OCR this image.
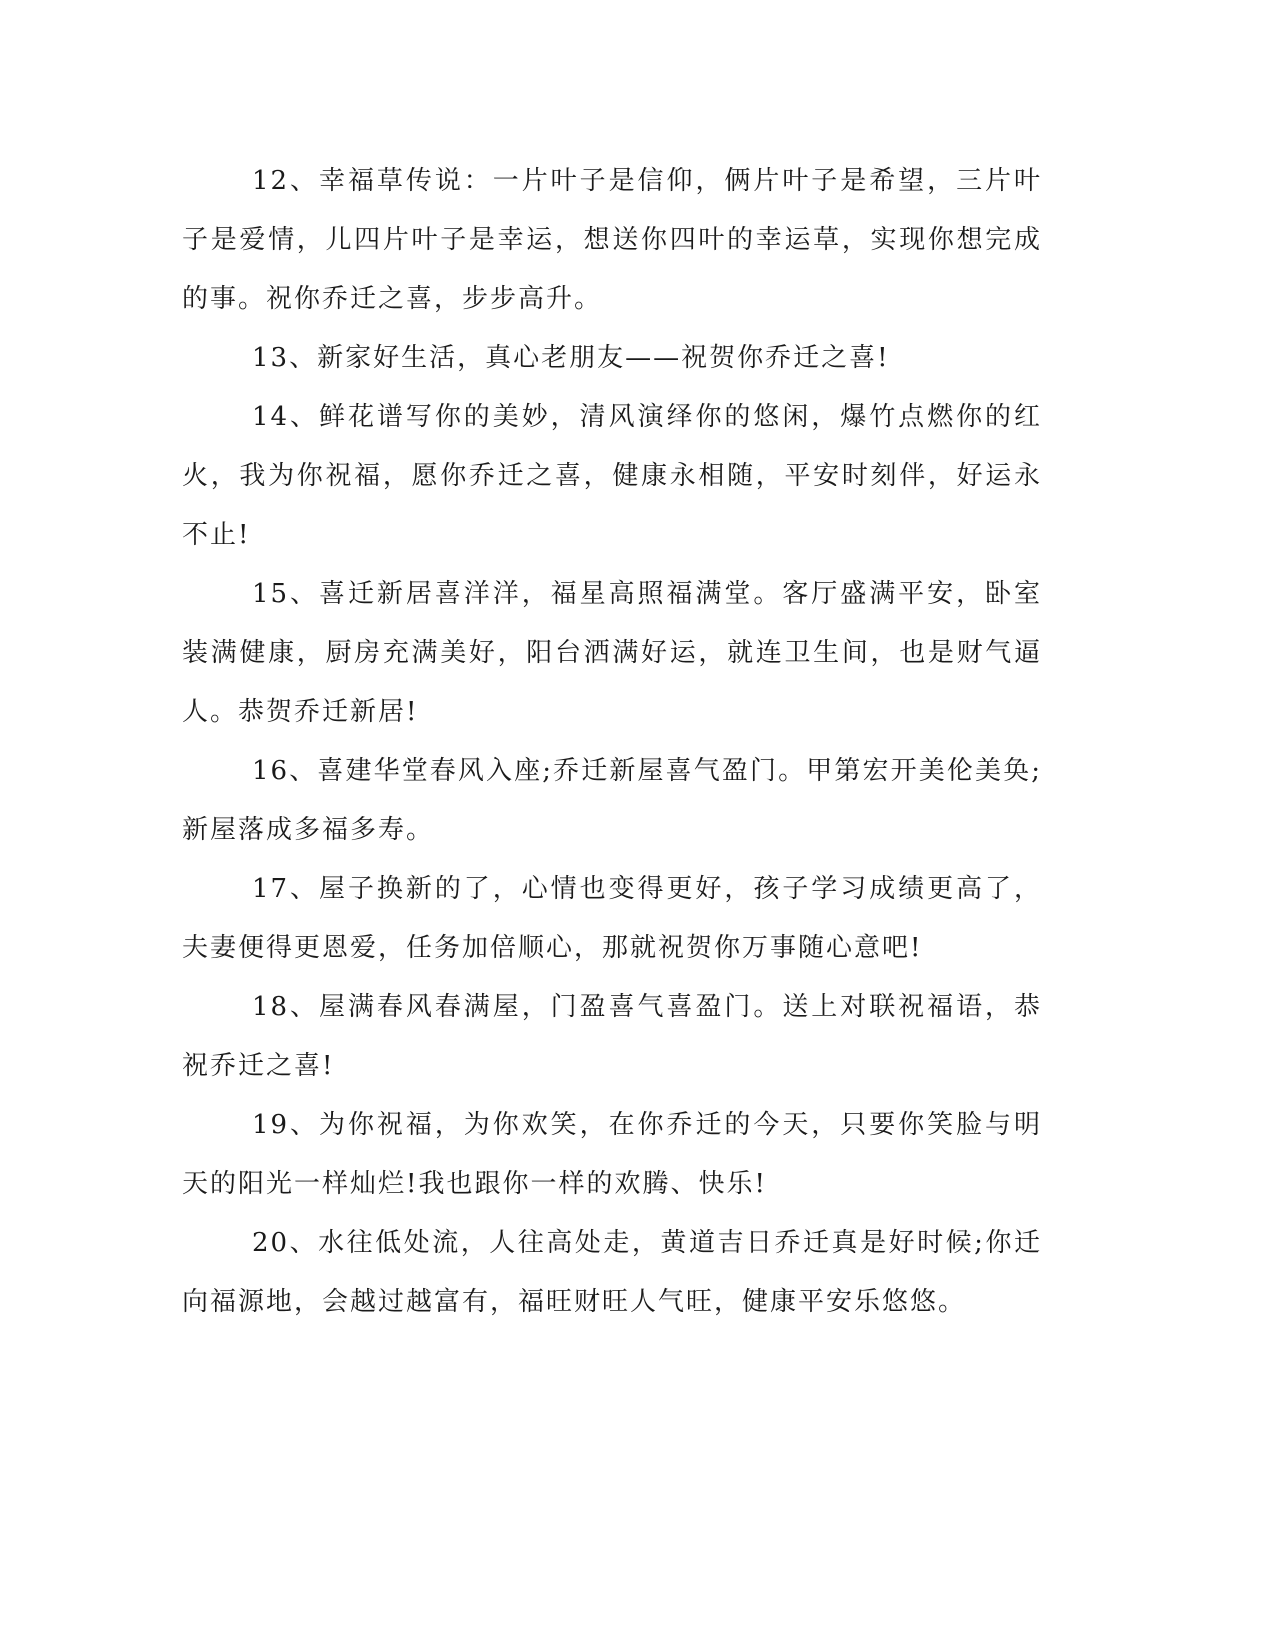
12、幸福草传说：一片叶子是信仰，俩片叶子是希望，三片叶子是爱情，儿四片叶子是幸运，想送你四叶的幸运草，实现你想完成的事。祝你乔迁之喜，步步高升。

13、新家好生活，真心老朋友——祝贺你乔迁之喜!

14、鲜花谱写你的美妙，清风演绎你的悠闲，爆竹点燃你的红火，我为你祝福，愿你乔迁之喜，健康永相随，平安时刻伴，好运永不止!

15、喜迁新居喜洋洋，福星高照福满堂。客厅盛满平安，卧室装满健康，厨房充满美好，阳台洒满好运，就连卫生间，也是财气逼人。恭贺乔迁新居!

16、喜建华堂春风入座;乔迁新屋喜气盈门。甲第宏开美伦美奂;新屋落成多福多寿。

17、屋子换新的了，心情也变得更好，孩子学习成绩更高了，夫妻便得更恩爱，任务加倍顺心，那就祝贺你万事随心意吧!

18、屋满春风春满屋，门盈喜气喜盈门。送上对联祝福语，恭祝乔迁之喜!

19、为你祝福，为你欢笑，在你乔迁的今天，只要你笑脸与明天的阳光一样灿烂!我也跟你一样的欢腾、快乐!

20、水往低处流，人往高处走，黄道吉日乔迁真是好时候;你迁向福源地，会越过越富有，福旺财旺人气旺，健康平安乐悠悠。
